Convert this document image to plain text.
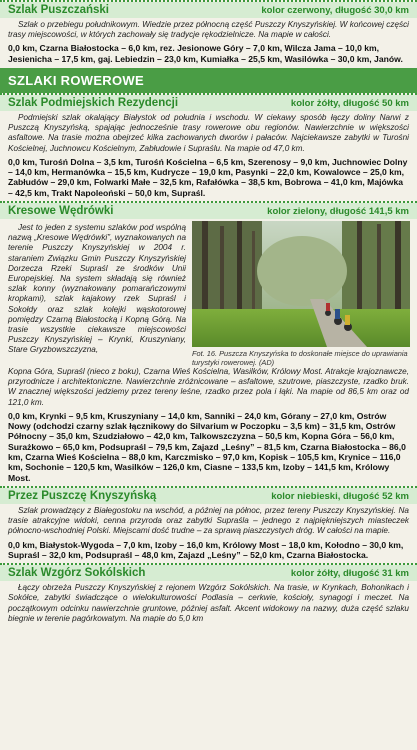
Szlak Puszczański	kolor czerwony, długość 30,0 km

Szlak o przebiegu południkowym. Wiedzie przez północną część Puszczy Knyszyńskiej. W końcowej części trasy miejscowości, w których zachowały się tradycje rękodzielnicze. Na mapie w całości.

0,0 km, Czarna Białostocka – 6,0 km, rez. Jesionowe Góry – 7,0 km, Wilcza Jama – 10,0 km, Jesienicha – 17,5 km, gaj. Lebiedzin – 23,0 km, Kumiałka – 25,5 km, Wasilówka – 30,0 km, Janów.

SZLAKI ROWEROWE
Szlak Podmiejskich Rezydencji	kolor żółty, długość 50 km

Podmiejski szlak okalający Białystok od południa i wschodu. W ciekawy sposób łączy doliny Narwi z Puszczą Knyszyńską, spajając jednocześnie trasy rowerowe obu regionów. Nawierzchnie w większości asfaltowe. Na trasie można obejrzeć kilka zachowanych dworów i pałaców. Najciekawsze zabytki w Turośni Kościelnej, Juchnowcu Kościelnym, Zabłudowie i Supraślu. Na mapie od 47,0 km.

0,0 km, Turośń Dolna – 3,5 km, Turośń Kościelna – 6,5 km, Szerenosy – 9,0 km, Juchnowiec Dolny – 14,0 km, Hermanówka – 15,5 km, Kudrycze – 19,0 km, Pasynki – 22,0 km, Kowalowce – 25,0 km, Zabłudów – 29,0 km, Folwarki Małe – 32,5 km, Rafałówka – 38,5 km, Bobrowa – 41,0 km, Majówka – 42,5 km, Trakt Napoleoński – 50,0 km, Supraśl.

Kresowe Wędrówki	kolor zielony, długość 141,5 km

Jest to jeden z systemu szlaków pod wspólną nazwą „Kresowe Wędrówki”, wyznakowanych na terenie Puszczy Knyszyńskiej w 2004 r. staraniem Związku Gmin Puszczy Knyszyńskiej Dorzecza Rzeki Supraśl ze środków Unii Europejskiej. Na system składają się również szlak konny (wyznakowany pomarańczowymi kropkami), szlak kajakowy rzek Supraśl i Sokołdy oraz szlak kolejki wąskotorowej pomiędzy Czarną Białostocką i Kopną Górą. Na trasie wszystkie ciekawsze miejscowości Puszczy Knyszyńskiej – Krynki, Kruszyniany, Stare Gryzbowszczyzna,	Fot. 16. Puszcza Knyszyńska to doskonałe miejsce do uprawiania turystyki rowerowej. (AD)

Kopna Góra, Supraśl (nieco z boku), Czarna Wieś Kościelna, Wasilków, Królowy Most. Atrakcje krajoznawcze, przyrodnicze i architektoniczne. Nawierzchnie zróżnicowane – asfaltowe, szutrowe, piaszczyste, rzadko bruk. W znacznej większości jedziemy przez tereny leśne, rzadko przez pola i łąki. Na mapie od 86,5 km oraz od 121,0 km.

0,0 km, Krynki – 9,5 km, Kruszyniany – 14,0 km, Sanniki – 24,0 km, Górany – 27,0 km, Ostrów Nowy (odchodzi czarny szlak łącznikowy do Silvarium w Poczopku – 3,5 km) – 31,5 km, Ostrów Północny – 35,0 km, Szudziałowo – 42,0 km, Talkowszczyzna – 50,5 km, Kopna Góra – 56,0 km, Surażkowo – 65,0 km, Podsupraśl – 79,5 km, Zajazd „Leśny” – 81,5 km, Czarna Białostocka – 86,0 km, Czarna Wieś Kościelna – 88,0 km, Karczmisko – 97,0 km, Kopisk – 105,5 km, Krynice – 116,0 km, Sochonie – 120,5 km, Wasilków – 126,0 km, Ciasne – 133,5 km, Izoby – 141,5 km, Królowy Most.

Przez Puszczę Knyszyńską	kolor niebieski, długość 52 km

Szlak prowadzący z Białegostoku na wschód, a później na północ, przez tereny Puszczy Knyszyńskiej. Na trasie atrakcyjne widoki, cenna przyroda oraz zabytki Supraśla – jednego z najpiękniejszych miasteczek północno-wschodniej Polski. Miejscami dość trudne – za sprawą piaszczystych dróg. W całości na mapie.

0,0 km, Białystok-Wygoda – 7,0 km, Izoby – 16,0 km, Królowy Most – 18,0 km, Kołodno – 30,0 km, Supraśl – 32,0 km, Podsupraśl – 48,0 km, Zajazd „Leśny” – 52,0 km, Czarna Białostocka.

Szlak Wzgórz Sokólskich	kolor żółty, długość 31 km

Łączy obrzeża Puszczy Knyszyńskiej z rejonem Wzgórz Sokólskich. Na trasie, w Krynkach, Bohonikach i Sokółce, zabytki świadczące o wielokulturowości Podlasia – cerkwie, kościoły, synagogi i meczet. Na początkowym odcinku nawierzchnie gruntowe, później asfalt. Akcent widokowy na nazwy, duża część szlaku biegnie w terenie pagórkowatym. Na mapie do 5,0 km
